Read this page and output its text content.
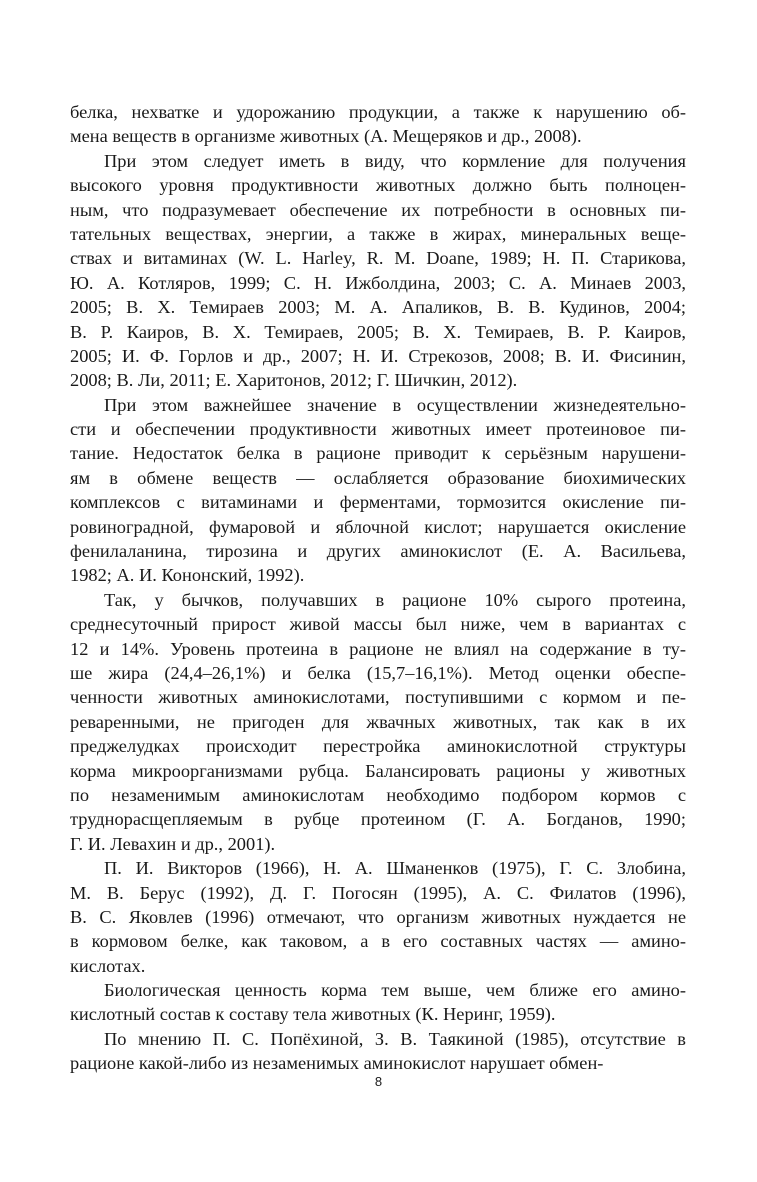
белка, нехватке и удорожанию продукции, а также к нарушению об-
мена веществ в организме животных (А. Мещеряков и др., 2008).
При этом следует иметь в виду, что кормление для получения
высокого уровня продуктивности животных должно быть полноцен-
ным, что подразумевает обеспечение их потребности в основных пи-
тательных веществах, энергии, а также в жирах, минеральных веще-
ствах и витаминах (W. L. Harley, R. M. Doane, 1989; Н. П. Старикова,
Ю. А. Котляров, 1999; С. Н. Ижболдина, 2003; С. А. Минаев 2003,
2005; В. Х. Темираев 2003; М. А. Апаликов, В. В. Кудинов, 2004;
В. Р. Каиров, В. Х. Темираев, 2005; В. Х. Темираев, В. Р. Каиров,
2005; И. Ф. Горлов и др., 2007; Н. И. Стрекозов, 2008; В. И. Фисинин,
2008; В. Ли, 2011; Е. Харитонов, 2012; Г. Шичкин, 2012).
При этом важнейшее значение в осуществлении жизнедеятельно-
сти и обеспечении продуктивности животных имеет протеиновое пи-
тание. Недостаток белка в рационе приводит к серьёзным нарушени-
ям в обмене веществ — ослабляется образование биохимических
комплексов с витаминами и ферментами, тормозится окисление пи-
ровиноградной, фумаровой и яблочной кислот; нарушается окисление
фенилаланина, тирозина и других аминокислот (Е. А. Васильева,
1982; А. И. Кононский, 1992).
Так, у бычков, получавших в рационе 10% сырого протеина,
среднесуточный прирост живой массы был ниже, чем в вариантах с
12 и 14%. Уровень протеина в рационе не влиял на содержание в ту-
ше жира (24,4–26,1%) и белка (15,7–16,1%). Метод оценки обеспе-
ченности животных аминокислотами, поступившими с кормом и пе-
реваренными, не пригоден для жвачных животных, так как в их
преджелудках происходит перестройка аминокислотной структуры
корма микроорганизмами рубца. Балансировать рационы у животных
по незаменимым аминокислотам необходимо подбором кормов с
труднорасщепляемым в рубце протеином (Г. А. Богданов, 1990;
Г. И. Левахин и др., 2001).
П. И. Викторов (1966), Н. А. Шманенков (1975), Г. С. Злобина,
М. В. Берус (1992), Д. Г. Погосян (1995), А. С. Филатов (1996),
В. С. Яковлев (1996) отмечают, что организм животных нуждается не
в кормовом белке, как таковом, а в его составных частях — амино-
кислотах.
Биологическая ценность корма тем выше, чем ближе его амино-
кислотный состав к составу тела животных (К. Неринг, 1959).
По мнению П. С. Попёхиной, З. В. Таякиной (1985), отсутствие в
рационе какой-либо из незаменимых аминокислот нарушает обмен-
8
